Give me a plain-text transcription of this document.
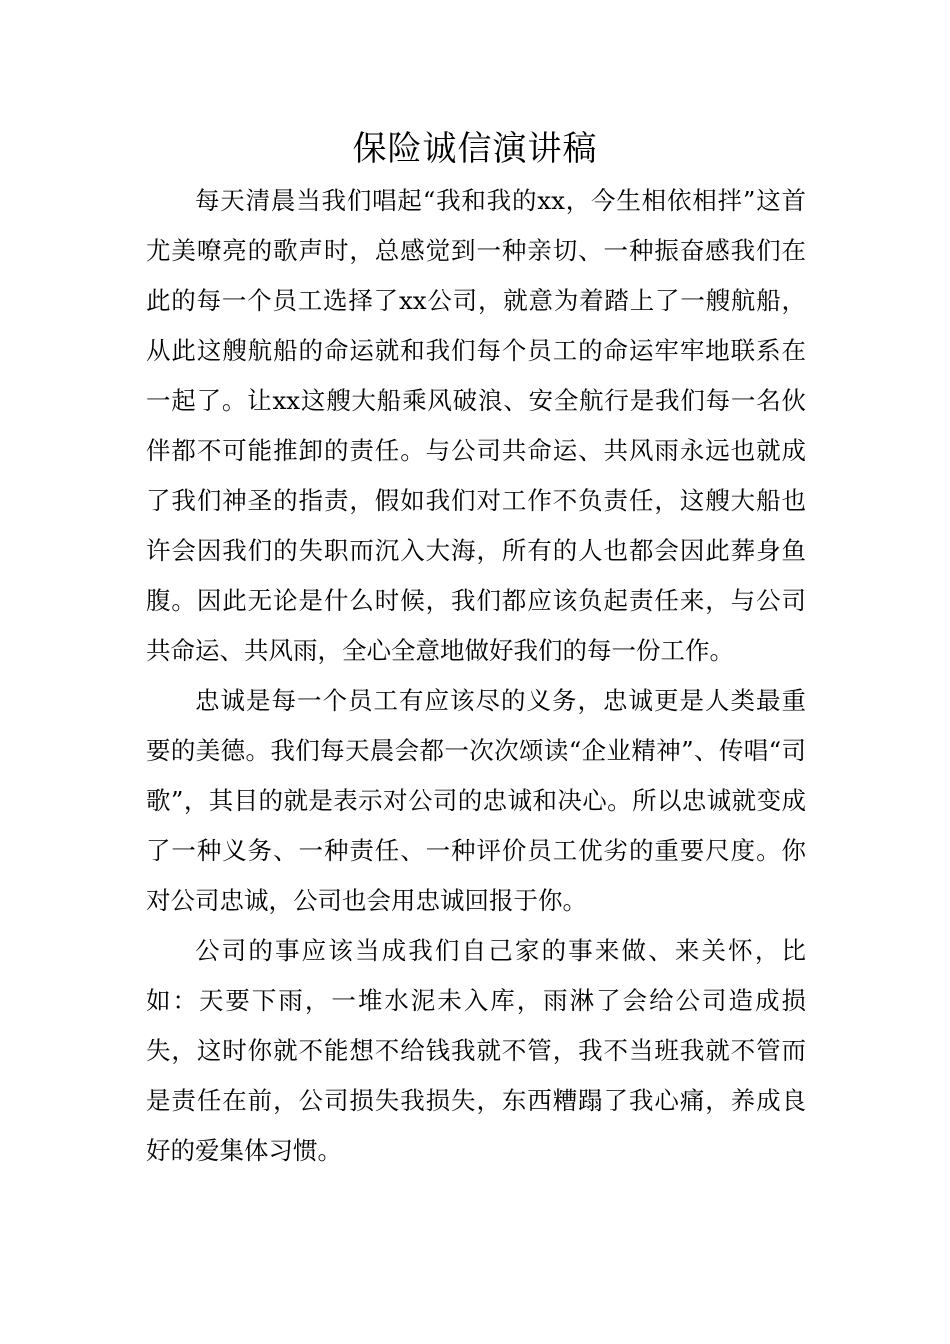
保险诚信演讲稿

每天清晨当我们唱起“我和我的xx，今生相依相拌”这首尤美嘹亮的歌声时，总感觉到一种亲切、一种振奋感我们在此的每一个员工选择了xx公司，就意为着踏上了一艘航船，从此这艘航船的命运就和我们每个员工的命运牢牢地联系在一起了。让xx这艘大船乘风破浪、安全航行是我们每一名伙伴都不可能推卸的责任。与公司共命运、共风雨永远也就成了我们神圣的指责，假如我们对工作不负责任，这艘大船也许会因我们的失职而沉入大海，所有的人也都会因此葬身鱼腹。因此无论是什么时候，我们都应该负起责任来，与公司共命运、共风雨，全心全意地做好我们的每一份工作。

忠诚是每一个员工有应该尽的义务，忠诚更是人类最重要的美德。我们每天晨会都一次次颂读“企业精神”、传唱“司歌”，其目的就是表示对公司的忠诚和决心。所以忠诚就变成了一种义务、一种责任、一种评价员工优劣的重要尺度。你对公司忠诚，公司也会用忠诚回报于你。

公司的事应该当成我们自己家的事来做、来关怀，比如：天要下雨，一堆水泥未入库，雨淋了会给公司造成损失，这时你就不能想不给钱我就不管，我不当班我就不管而是责任在前，公司损失我损失，东西糟蹋了我心痛，养成良好的爱集体习惯。
